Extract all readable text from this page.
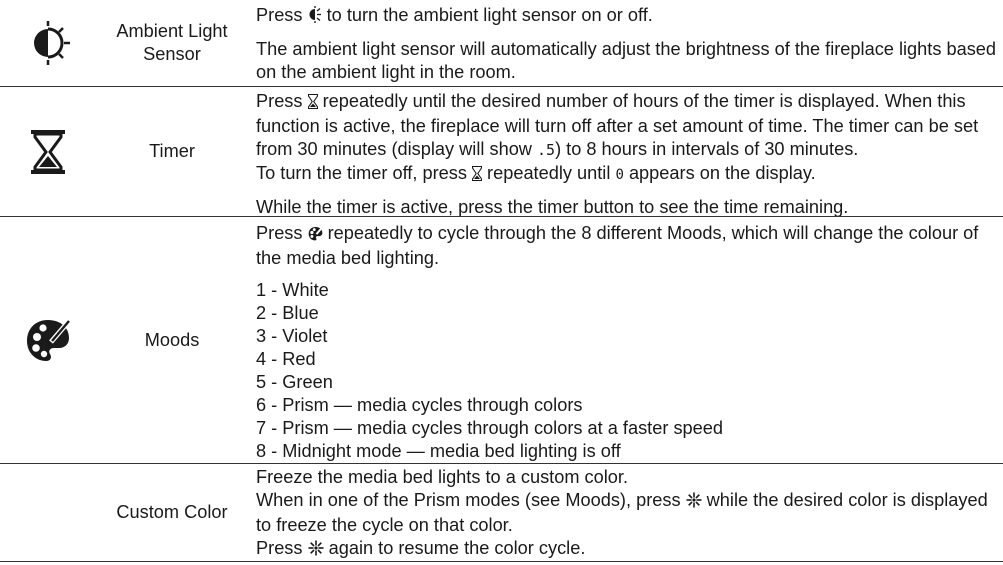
Ambient Light
Sensor

Press  to turn the ambient light sensor on or off.

The ambient light sensor will automatically adjust the brightness of the fireplace lights based on the ambient light in the room.

Timer

Press  repeatedly until the desired number of hours of the timer is displayed. When this function is active, the fireplace will turn off after a set amount of time. The timer can be set from 30 minutes (display will show .5) to 8 hours in intervals of 30 minutes.
To turn the timer off, press  repeatedly until 0 appears on the display.

While the timer is active, press the timer button to see the time remaining.

Moods

Press  repeatedly to cycle through the 8 different Moods, which will change the colour of the media bed lighting.

1 - White
2 - Blue
3 - Violet
4 - Red
5 - Green
6 - Prism — media cycles through colors
7 - Prism — media cycles through colors at a faster speed
8 - Midnight mode — media bed lighting is off
Custom Color
Freeze the media bed lights to a custom color.
When in one of the Prism modes (see Moods), press  while the desired color is displayed to freeze the cycle on that color.
Press  again to resume the color cycle.
